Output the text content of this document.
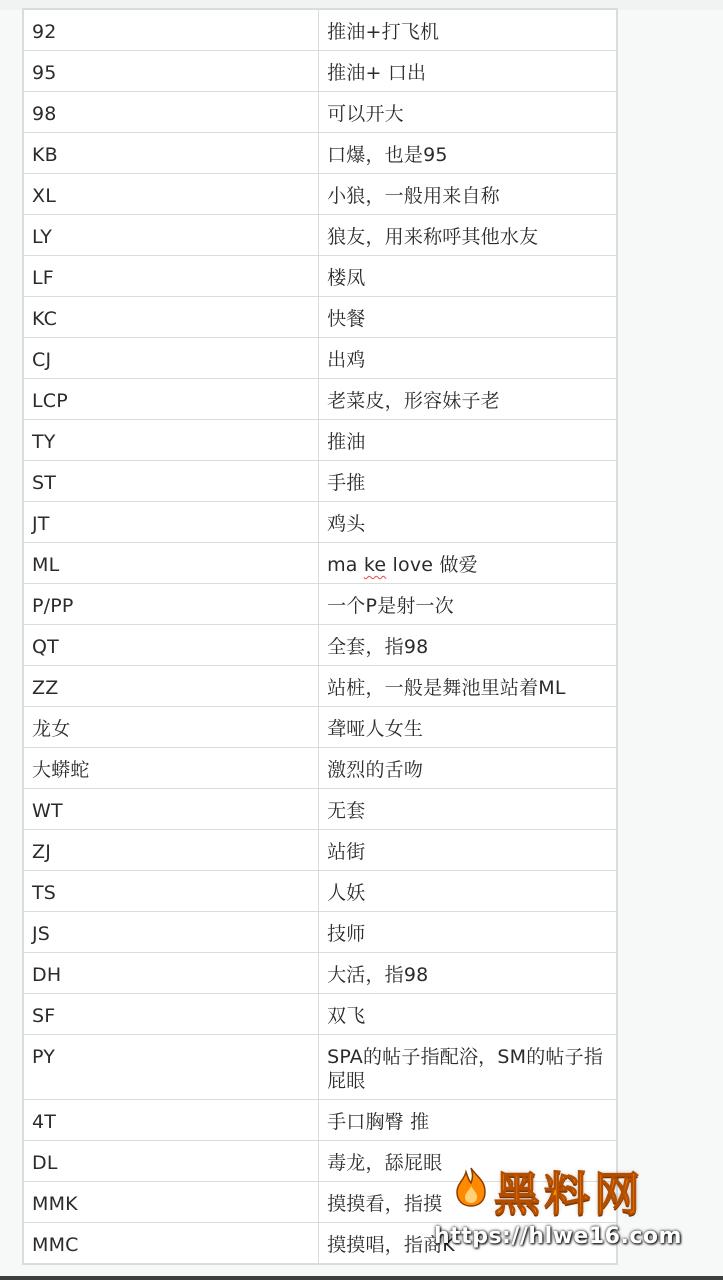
92	推油+打飞机
95	推油+ 口出
98	可以开大
KB	口爆，也是95
XL	小狼，一般用来自称
LY	狼友，用来称呼其他水友
LF	楼凤
KC	快餐
CJ	出鸡
LCP	老菜皮，形容妹子老
TY	推油
ST	手推
JT	鸡头
ML	ma ke love 做爱
P/PP	一个P是射一次
QT	全套，指98
ZZ	站桩，一般是舞池里站着ML
龙女	聋哑人女生
大蟒蛇	激烈的舌吻
WT	无套
ZJ	站街
TS	人妖
JS	技师
DH	大活，指98
SF	双飞
PY	SPA的帖子指配浴，SM的帖子指屁眼
4T	手口胸臀 推
DL	毒龙，舔屁眼
MMK	摸摸看，指摸
MMC	摸摸唱，指商K
黑料网
https://hlwe16.com
